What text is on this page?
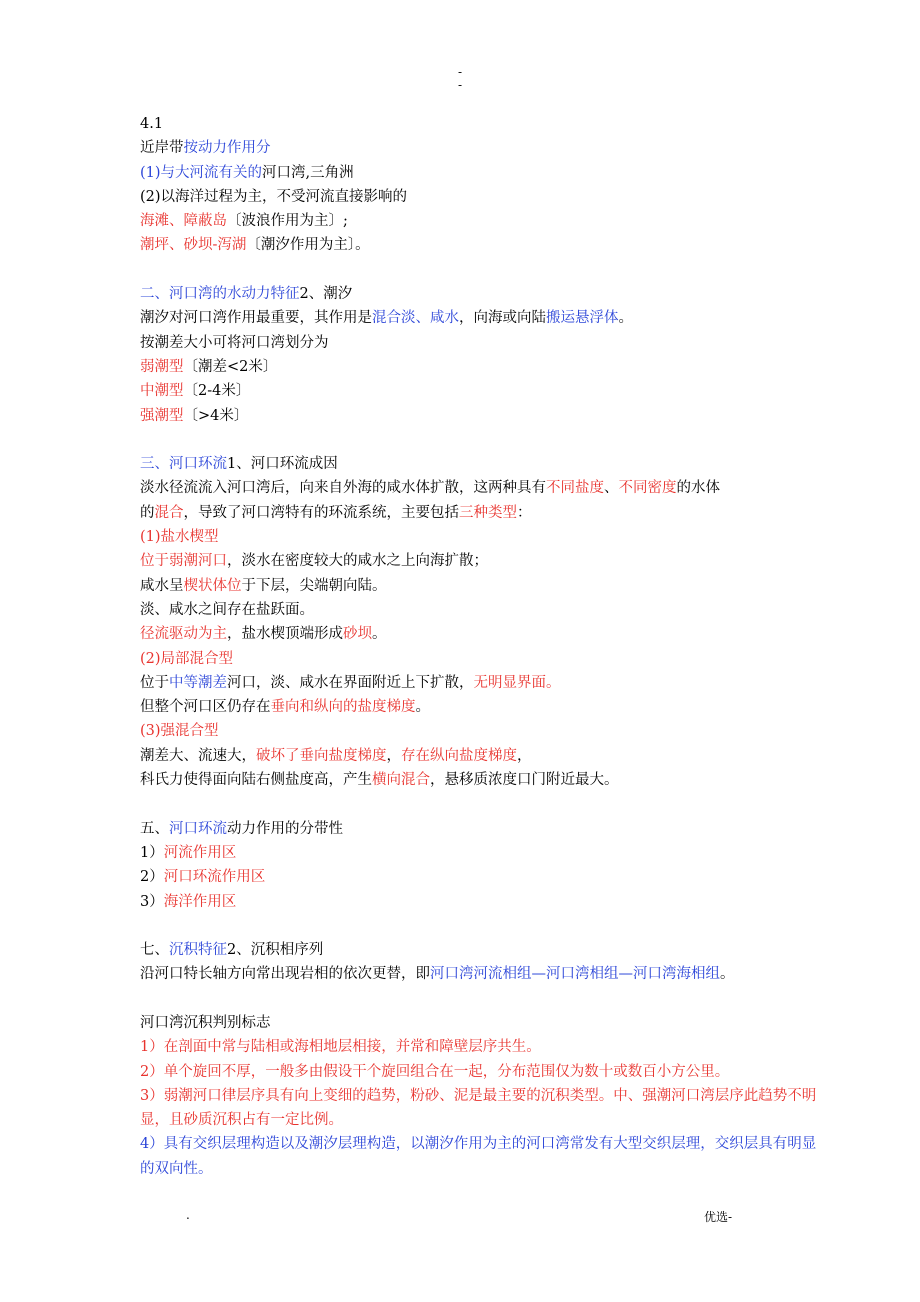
-
-
4.1
近岸带按动力作用分
(1)与大河流有关的河口湾,三角洲
(2)以海洋过程为主，不受河流直接影响的
海滩、障蔽岛〔波浪作用为主〕;
潮坪、砂坝-泻湖〔潮汐作用为主〕。
二、河口湾的水动力特征2、潮汐
潮汐对河口湾作用最重要，其作用是混合淡、咸水，向海或向陆搬运悬浮体。
按潮差大小可将河口湾划分为
弱潮型〔潮差<2米〕
中潮型〔2-4米〕
强潮型〔>4米〕
三、河口环流1、河口环流成因
淡水径流流入河口湾后，向来自外海的咸水体扩散，这两种具有不同盐度、不同密度的水体
的混合，导致了河口湾特有的环流系统，主要包括三种类型：
(1)盐水楔型
位于弱潮河口，淡水在密度较大的咸水之上向海扩散；
咸水呈楔状体位于下层，尖端朝向陆。
淡、咸水之间存在盐跃面。
径流驱动为主，盐水楔顶端形成砂坝。
(2)局部混合型
位于中等潮差河口，淡、咸水在界面附近上下扩散，无明显界面。
但整个河口区仍存在垂向和纵向的盐度梯度。
(3)强混合型
潮差大、流速大，破坏了垂向盐度梯度，存在纵向盐度梯度，
科氏力使得面向陆右侧盐度高，产生横向混合，悬移质浓度口门附近最大。
五、河口环流动力作用的分带性
1）河流作用区
2）河口环流作用区
3）海洋作用区
七、沉积特征2、沉积相序列
沿河口特长轴方向常出现岩相的依次更替，即河口湾河流相组—河口湾相组—河口湾海相组。
河口湾沉积判别标志
1）在剖面中常与陆相或海相地层相接，并常和障壁层序共生。
2）单个旋回不厚，一般多由假设干个旋回组合在一起，分布范围仅为数十或数百小方公里。
3）弱潮河口律层序具有向上变细的趋势，粉砂、泥是最主要的沉积类型。中、强潮河口湾层序此趋势不明显，且砂质沉积占有一定比例。
4）具有交织层理构造以及潮汐层理构造，以潮汐作用为主的河口湾常发有大型交织层理，交织层具有明显的双向性。
.	优选-
